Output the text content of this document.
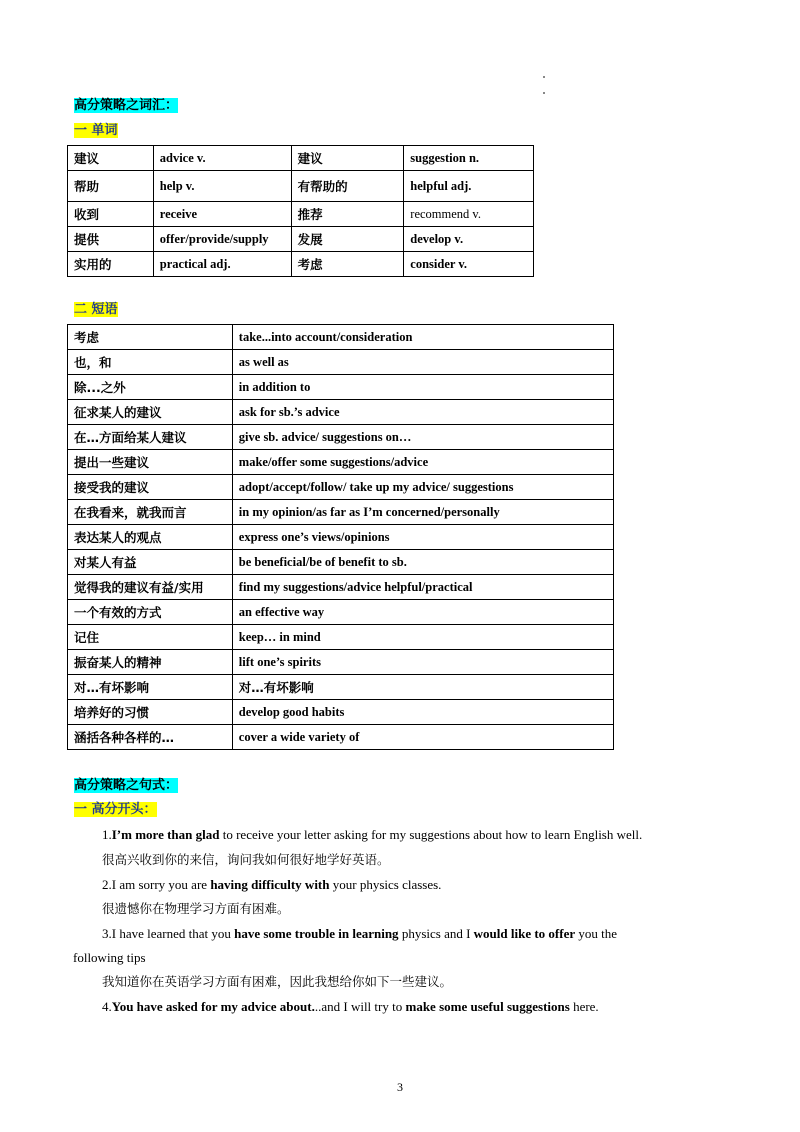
高分策略之词汇：
一 单词
建议	advice v.	建议	suggestion n.
帮助	help v.	有帮助的	helpful adj.
收到	receive	推荐	recommend v.
提供	offer/provide/supply	发展	develop v.
实用的	practical adj.	考虑	consider v.
二 短语
考虑	take...into account/consideration
也，和	as well as
除...之外	in addition to
征求某人的建议	ask for sb.’s advice
在…方面给某人建议	give sb. advice/ suggestions on…
提出一些建议	make/offer some suggestions/advice
接受我的建议	adopt/accept/follow/ take up my advice/ suggestions
在我看来，就我而言	in my opinion/as far as I’m concerned/personally
表达某人的观点	express one’s views/opinions
对某人有益	be beneficial/be of benefit to sb.
觉得我的建议有益/实用	find my suggestions/advice helpful/practical
一个有效的方式	an effective way
记住	keep… in mind
振奋某人的精神	lift one’s spirits
对…有坏影响	对…有坏影响
培养好的习惯	develop good habits
涵括各种各样的…	cover a wide variety of
高分策略之句式：
一 高分开头：
1.I’m more than glad to receive your letter asking for my suggestions about how to learn English well.
很高兴收到你的来信，询问我如何很好地学好英语。
2.I am sorry you are having difficulty with your physics classes.
很遗憾你在物理学习方面有困难。
3.I have learned that you have some trouble in learning physics and I would like to offer you the
following tips
我知道你在英语学习方面有困难，因此我想给你如下一些建议。
4.You have asked for my advice about...and I will try to make some useful suggestions here.
3
